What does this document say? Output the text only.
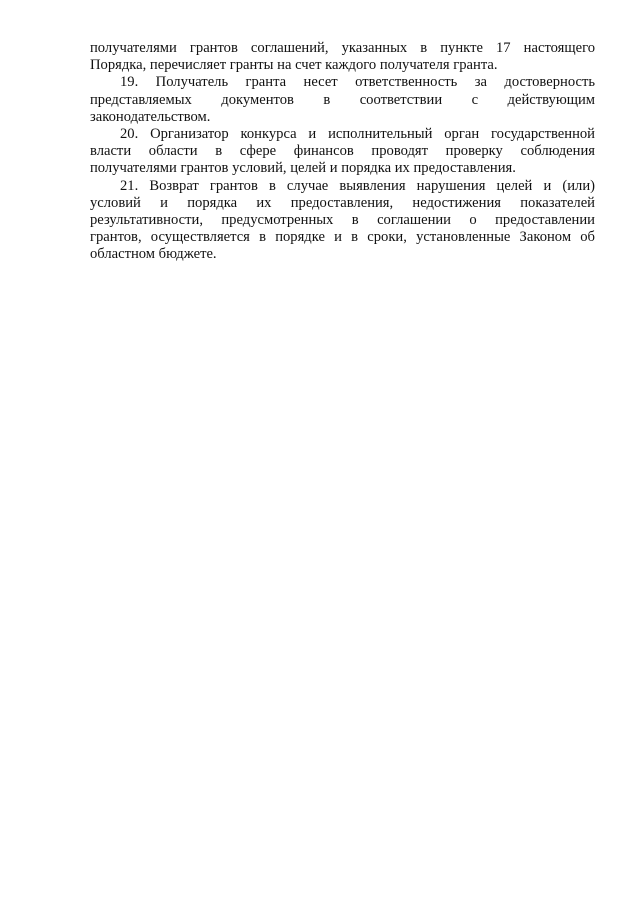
получателями грантов соглашений, указанных в пункте 17 настоящего
Порядка, перечисляет гранты на счет каждого получателя гранта.

19. Получатель гранта несет ответственность за достоверность
представляемых документов в соответствии с действующим
законодательством.

20. Организатор конкурса и исполнительный орган государственной
власти области в сфере финансов проводят проверку соблюдения
получателями грантов условий, целей и порядка их предоставления.

21. Возврат грантов в случае выявления нарушения целей и (или)
условий и порядка их предоставления, недостижения показателей
результативности, предусмотренных в соглашении о предоставлении
грантов, осуществляется в порядке и в сроки, установленные Законом об
областном бюджете.
